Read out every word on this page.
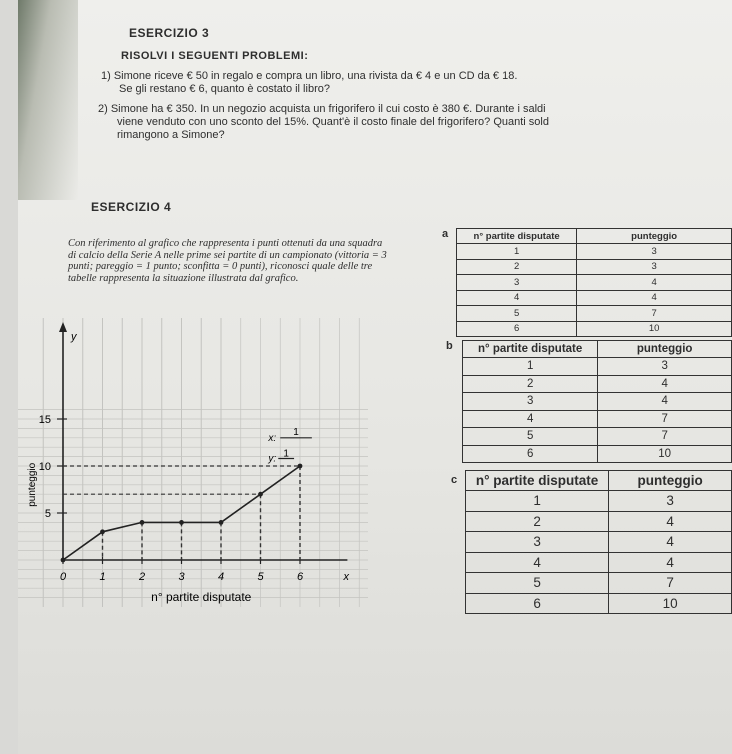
ESERCIZIO 3
RISOLVI I SEGUENTI PROBLEMI:
1) Simone riceve € 50 in regalo e compra un libro, una rivista da € 4 e un CD da € 18.
Se gli restano € 6, quanto è costato il libro?
2) Simone ha € 350. In un negozio acquista un frigorifero il cui costo è 380 €. Durante i saldi
viene venduto con uno sconto del 15%. Quant'è il costo finale del frigorifero? Quanti sold
rimangono a Simone?
ESERCIZIO 4
Con riferimento al grafico che rappresenta i punti ottenuti da una squadra di calcio della Serie A nelle prime sei partite di un campionato (vittoria = 3 punti; pareggio = 1 punto; sconfitta = 0 punti), riconosci quale delle tre tabelle rappresenta la situazione illustrata dal grafico.
y
x
15
10
5
0	1	2	3	4	5	6
punteggio
n° partite disputate
x:
1
y: 1
a	n° partite disputate	punteggio
1	3
2	3
3	4
4	4
5	7
6	10
b n° partite disputate	punteggio
1	3
2	4
3	4
4	7
5	7
6	10
c n° partite disputate	punteggio
1	3
2	4
3	4
4	4
5	7
6	10
